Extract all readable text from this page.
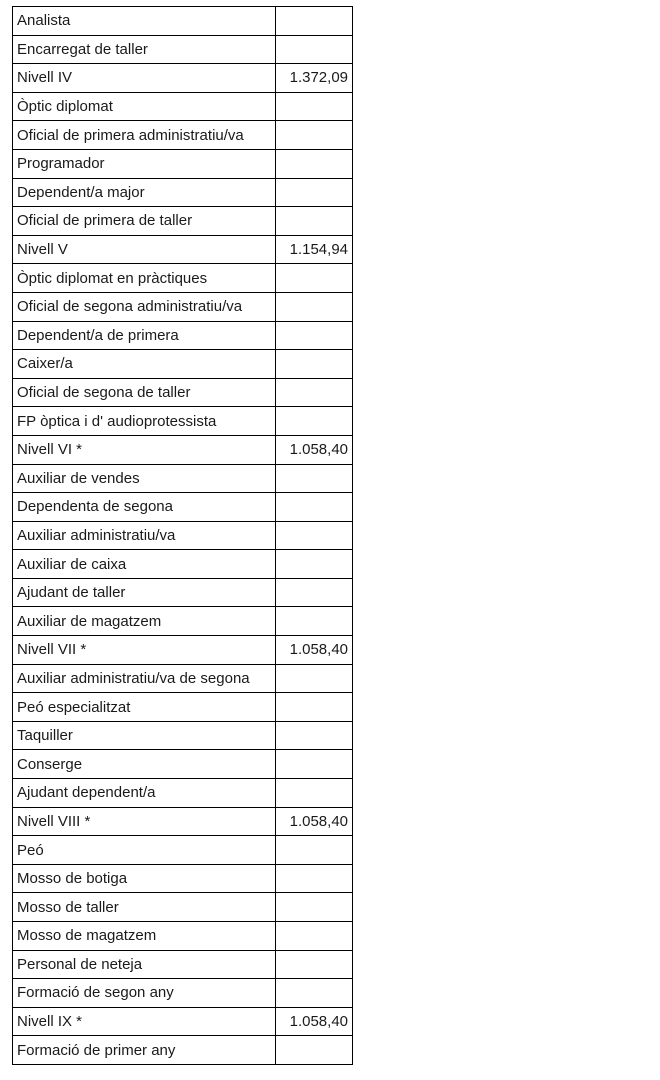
Analista	
Encarregat de taller	
Nivell IV	1.372,09
Òptic diplomat	
Oficial de primera administratiu/va	
Programador	
Dependent/a major	
Oficial de primera de taller	
Nivell V	1.154,94
Òptic diplomat en pràctiques	
Oficial de segona administratiu/va	
Dependent/a de primera	
Caixer/a	
Oficial de segona de taller	
FP òptica i d' audioprotessista	
Nivell VI *	1.058,40
Auxiliar de vendes	
Dependenta de segona	
Auxiliar administratiu/va	
Auxiliar de caixa	
Ajudant de taller	
Auxiliar de magatzem	
Nivell VII *	1.058,40
Auxiliar administratiu/va de segona	
Peó especialitzat	
Taquiller	
Conserge	
Ajudant dependent/a	
Nivell VIII *	1.058,40
Peó	
Mosso de botiga	
Mosso de taller	
Mosso de magatzem	
Personal de neteja	
Formació de segon any	
Nivell IX *	1.058,40
Formació de primer any	
